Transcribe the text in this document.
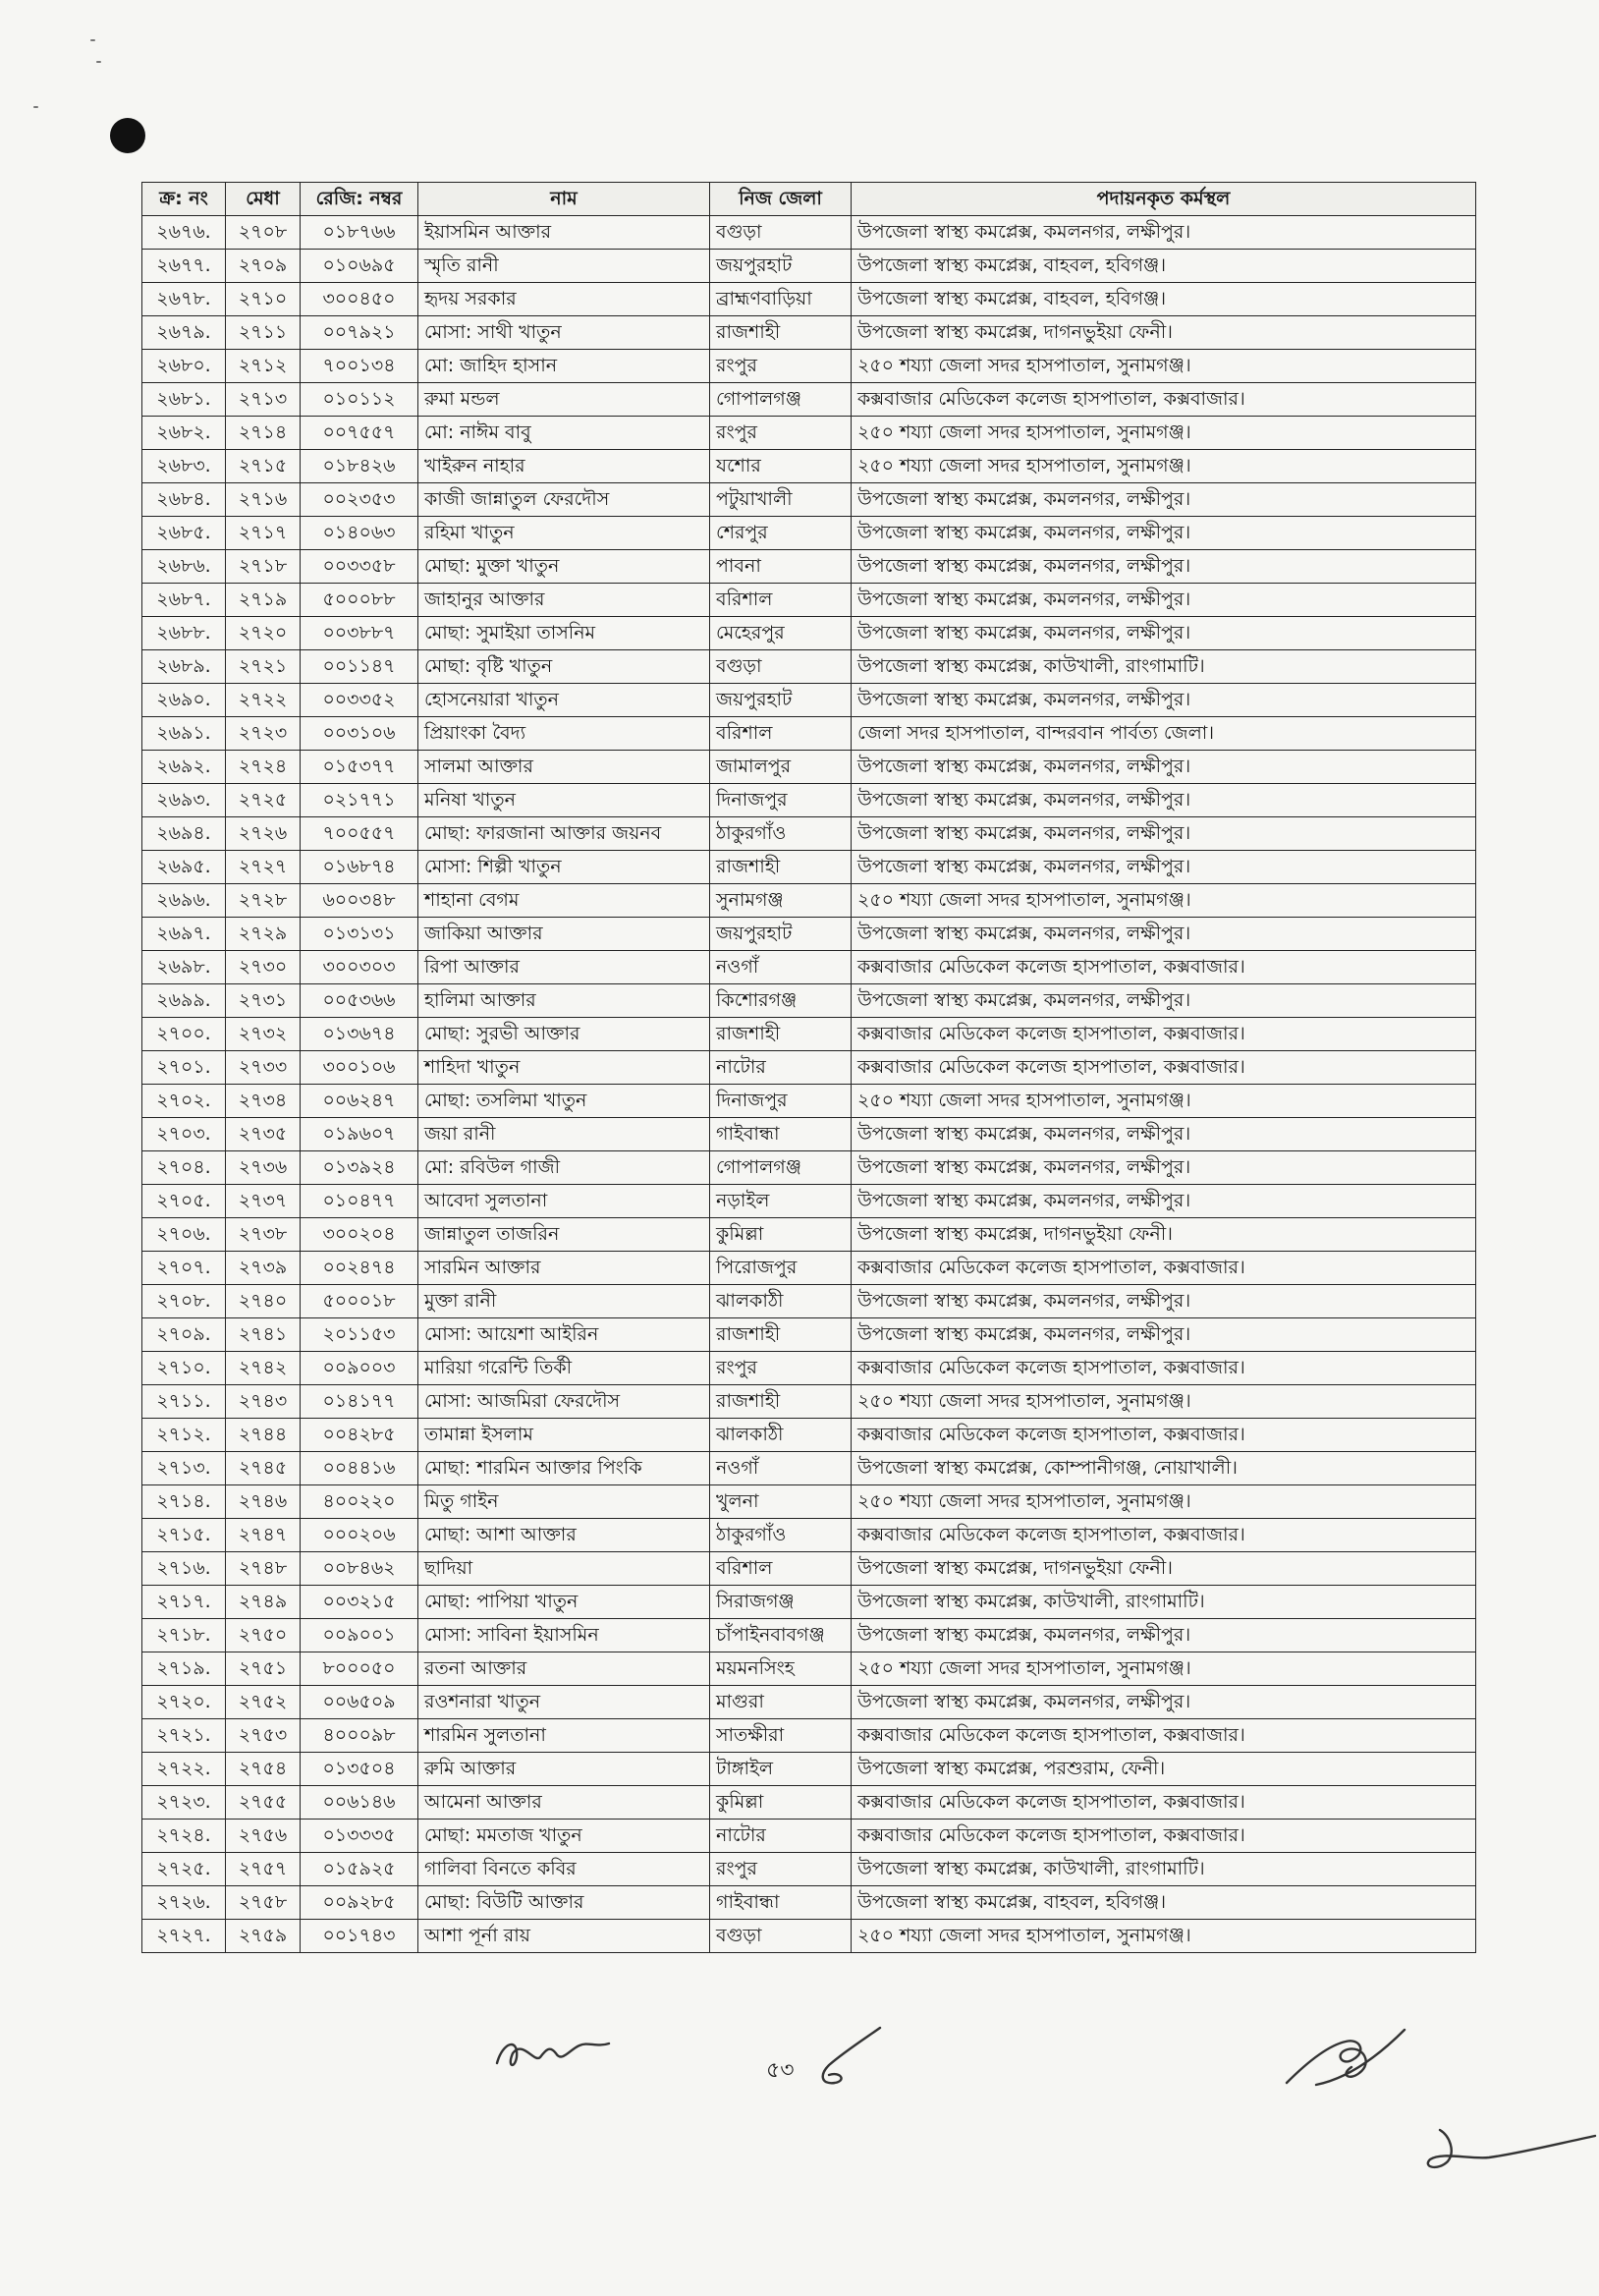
ক্র: নং	মেধা	রেজি: নম্বর	নাম	নিজ জেলা	পদায়নকৃত কর্মস্থল
২৬৭৬.	২৭০৮	০১৮৭৬৬	ইয়াসমিন আক্তার	বগুড়া	উপজেলা স্বাস্থ্য কমপ্লেক্স, কমলনগর, লক্ষীপুর।
২৬৭৭.	২৭০৯	০১০৬৯৫	স্মৃতি রানী	জয়পুরহাট	উপজেলা স্বাস্থ্য কমপ্লেক্স, বাহবল, হবিগঞ্জ।
২৬৭৮.	২৭১০	৩০০৪৫০	হৃদয় সরকার	ব্রাহ্মণবাড়িয়া	উপজেলা স্বাস্থ্য কমপ্লেক্স, বাহবল, হবিগঞ্জ।
২৬৭৯.	২৭১১	০০৭৯২১	মোসা: সাথী খাতুন	রাজশাহী	উপজেলা স্বাস্থ্য কমপ্লেক্স, দাগনভুইয়া ফেনী।
২৬৮০.	২৭১২	৭০০১৩৪	মো: জাহিদ হাসান	রংপুর	২৫০ শয্যা জেলা সদর হাসপাতাল, সুনামগঞ্জ।
২৬৮১.	২৭১৩	০১০১১২	রুমা মন্ডল	গোপালগঞ্জ	কক্সবাজার মেডিকেল কলেজ হাসপাতাল, কক্সবাজার।
২৬৮২.	২৭১৪	০০৭৫৫৭	মো: নাঈম বাবু	রংপুর	২৫০ শয্যা জেলা সদর হাসপাতাল, সুনামগঞ্জ।
২৬৮৩.	২৭১৫	০১৮৪২৬	খাইরুন নাহার	যশোর	২৫০ শয্যা জেলা সদর হাসপাতাল, সুনামগঞ্জ।
২৬৮৪.	২৭১৬	০০২৩৫৩	কাজী জান্নাতুল ফেরদৌস	পটুয়াখালী	উপজেলা স্বাস্থ্য কমপ্লেক্স, কমলনগর, লক্ষীপুর।
২৬৮৫.	২৭১৭	০১৪০৬৩	রহিমা খাতুন	শেরপুর	উপজেলা স্বাস্থ্য কমপ্লেক্স, কমলনগর, লক্ষীপুর।
২৬৮৬.	২৭১৮	০০৩৩৫৮	মোছা: মুক্তা খাতুন	পাবনা	উপজেলা স্বাস্থ্য কমপ্লেক্স, কমলনগর, লক্ষীপুর।
২৬৮৭.	২৭১৯	৫০০০৮৮	জাহানুর আক্তার	বরিশাল	উপজেলা স্বাস্থ্য কমপ্লেক্স, কমলনগর, লক্ষীপুর।
২৬৮৮.	২৭২০	০০৩৮৮৭	মোছা: সুমাইয়া তাসনিম	মেহেরপুর	উপজেলা স্বাস্থ্য কমপ্লেক্স, কমলনগর, লক্ষীপুর।
২৬৮৯.	২৭২১	০০১১৪৭	মোছা: বৃষ্টি খাতুন	বগুড়া	উপজেলা স্বাস্থ্য কমপ্লেক্স, কাউখালী, রাংগামাটি।
২৬৯০.	২৭২২	০০৩৩৫২	হোসনেয়ারা খাতুন	জয়পুরহাট	উপজেলা স্বাস্থ্য কমপ্লেক্স, কমলনগর, লক্ষীপুর।
২৬৯১.	২৭২৩	০০৩১০৬	প্রিয়াংকা বৈদ্য	বরিশাল	জেলা সদর হাসপাতাল, বান্দরবান পার্বত্য জেলা।
২৬৯২.	২৭২৪	০১৫৩৭৭	সালমা আক্তার	জামালপুর	উপজেলা স্বাস্থ্য কমপ্লেক্স, কমলনগর, লক্ষীপুর।
২৬৯৩.	২৭২৫	০২১৭৭১	মনিষা খাতুন	দিনাজপুর	উপজেলা স্বাস্থ্য কমপ্লেক্স, কমলনগর, লক্ষীপুর।
২৬৯৪.	২৭২৬	৭০০৫৫৭	মোছা: ফারজানা আক্তার জয়নব	ঠাকুরগাঁও	উপজেলা স্বাস্থ্য কমপ্লেক্স, কমলনগর, লক্ষীপুর।
২৬৯৫.	২৭২৭	০১৬৮৭৪	মোসা: শিল্পী খাতুন	রাজশাহী	উপজেলা স্বাস্থ্য কমপ্লেক্স, কমলনগর, লক্ষীপুর।
২৬৯৬.	২৭২৮	৬০০৩৪৮	শাহানা বেগম	সুনামগঞ্জ	২৫০ শয্যা জেলা সদর হাসপাতাল, সুনামগঞ্জ।
২৬৯৭.	২৭২৯	০১৩১৩১	জাকিয়া আক্তার	জয়পুরহাট	উপজেলা স্বাস্থ্য কমপ্লেক্স, কমলনগর, লক্ষীপুর।
২৬৯৮.	২৭৩০	৩০০৩০৩	রিপা আক্তার	নওগাঁ	কক্সবাজার মেডিকেল কলেজ হাসপাতাল, কক্সবাজার।
২৬৯৯.	২৭৩১	০০৫৩৬৬	হালিমা আক্তার	কিশোরগঞ্জ	উপজেলা স্বাস্থ্য কমপ্লেক্স, কমলনগর, লক্ষীপুর।
২৭০০.	২৭৩২	০১৩৬৭৪	মোছা: সুরভী আক্তার	রাজশাহী	কক্সবাজার মেডিকেল কলেজ হাসপাতাল, কক্সবাজার।
২৭০১.	২৭৩৩	৩০০১০৬	শাহিদা খাতুন	নাটোর	কক্সবাজার মেডিকেল কলেজ হাসপাতাল, কক্সবাজার।
২৭০২.	২৭৩৪	০০৬২৪৭	মোছা: তসলিমা খাতুন	দিনাজপুর	২৫০ শয্যা জেলা সদর হাসপাতাল, সুনামগঞ্জ।
২৭০৩.	২৭৩৫	০১৯৬০৭	জয়া রানী	গাইবান্ধা	উপজেলা স্বাস্থ্য কমপ্লেক্স, কমলনগর, লক্ষীপুর।
২৭০৪.	২৭৩৬	০১৩৯২৪	মো: রবিউল গাজী	গোপালগঞ্জ	উপজেলা স্বাস্থ্য কমপ্লেক্স, কমলনগর, লক্ষীপুর।
২৭০৫.	২৭৩৭	০১০৪৭৭	আবেদা সুলতানা	নড়াইল	উপজেলা স্বাস্থ্য কমপ্লেক্স, কমলনগর, লক্ষীপুর।
২৭০৬.	২৭৩৮	৩০০২০৪	জান্নাতুল তাজরিন	কুমিল্লা	উপজেলা স্বাস্থ্য কমপ্লেক্স, দাগনভুইয়া ফেনী।
২৭০৭.	২৭৩৯	০০২৪৭৪	সারমিন আক্তার	পিরোজপুর	কক্সবাজার মেডিকেল কলেজ হাসপাতাল, কক্সবাজার।
২৭০৮.	২৭৪০	৫০০০১৮	মুক্তা রানী	ঝালকাঠী	উপজেলা স্বাস্থ্য কমপ্লেক্স, কমলনগর, লক্ষীপুর।
২৭০৯.	২৭৪১	২০১১৫৩	মোসা: আয়েশা আইরিন	রাজশাহী	উপজেলা স্বাস্থ্য কমপ্লেক্স, কমলনগর, লক্ষীপুর।
২৭১০.	২৭৪২	০০৯০০৩	মারিয়া গরেন্টি তির্কী	রংপুর	কক্সবাজার মেডিকেল কলেজ হাসপাতাল, কক্সবাজার।
২৭১১.	২৭৪৩	০১৪১৭৭	মোসা: আজমিরা ফেরদৌস	রাজশাহী	২৫০ শয্যা জেলা সদর হাসপাতাল, সুনামগঞ্জ।
২৭১২.	২৭৪৪	০০৪২৮৫	তামান্না ইসলাম	ঝালকাঠী	কক্সবাজার মেডিকেল কলেজ হাসপাতাল, কক্সবাজার।
২৭১৩.	২৭৪৫	০০৪৪১৬	মোছা: শারমিন আক্তার পিংকি	নওগাঁ	উপজেলা স্বাস্থ্য কমপ্লেক্স, কোম্পানীগঞ্জ, নোয়াখালী।
২৭১৪.	২৭৪৬	৪০০২২০	মিতু গাইন	খুলনা	২৫০ শয্যা জেলা সদর হাসপাতাল, সুনামগঞ্জ।
২৭১৫.	২৭৪৭	০০০২০৬	মোছা: আশা আক্তার	ঠাকুরগাঁও	কক্সবাজার মেডিকেল কলেজ হাসপাতাল, কক্সবাজার।
২৭১৬.	২৭৪৮	০০৮৪৬২	ছাদিয়া	বরিশাল	উপজেলা স্বাস্থ্য কমপ্লেক্স, দাগনভুইয়া ফেনী।
২৭১৭.	২৭৪৯	০০৩২১৫	মোছা: পাপিয়া খাতুন	সিরাজগঞ্জ	উপজেলা স্বাস্থ্য কমপ্লেক্স, কাউখালী, রাংগামাটি।
২৭১৮.	২৭৫০	০০৯০০১	মোসা: সাবিনা ইয়াসমিন	চাঁপাইনবাবগঞ্জ	উপজেলা স্বাস্থ্য কমপ্লেক্স, কমলনগর, লক্ষীপুর।
২৭১৯.	২৭৫১	৮০০০৫০	রতনা আক্তার	ময়মনসিংহ	২৫০ শয্যা জেলা সদর হাসপাতাল, সুনামগঞ্জ।
২৭২০.	২৭৫২	০০৬৫০৯	রওশনারা খাতুন	মাগুরা	উপজেলা স্বাস্থ্য কমপ্লেক্স, কমলনগর, লক্ষীপুর।
২৭২১.	২৭৫৩	৪০০০৯৮	শারমিন সুলতানা	সাতক্ষীরা	কক্সবাজার মেডিকেল কলেজ হাসপাতাল, কক্সবাজার।
২৭২২.	২৭৫৪	০১৩৫০৪	রুমি আক্তার	টাঙ্গাইল	উপজেলা স্বাস্থ্য কমপ্লেক্স, পরশুরাম, ফেনী।
২৭২৩.	২৭৫৫	০০৬১৪৬	আমেনা আক্তার	কুমিল্লা	কক্সবাজার মেডিকেল কলেজ হাসপাতাল, কক্সবাজার।
২৭২৪.	২৭৫৬	০১৩৩৩৫	মোছা: মমতাজ খাতুন	নাটোর	কক্সবাজার মেডিকেল কলেজ হাসপাতাল, কক্সবাজার।
২৭২৫.	২৭৫৭	০১৫৯২৫	গালিবা বিনতে কবির	রংপুর	উপজেলা স্বাস্থ্য কমপ্লেক্স, কাউখালী, রাংগামাটি।
২৭২৬.	২৭৫৮	০০৯২৮৫	মোছা: বিউটি আক্তার	গাইবান্ধা	উপজেলা স্বাস্থ্য কমপ্লেক্স, বাহবল, হবিগঞ্জ।
২৭২৭.	২৭৫৯	০০১৭৪৩	আশা পূর্না রায়	বগুড়া	২৫০ শয্যা জেলা সদর হাসপাতাল, সুনামগঞ্জ।
৫৩
